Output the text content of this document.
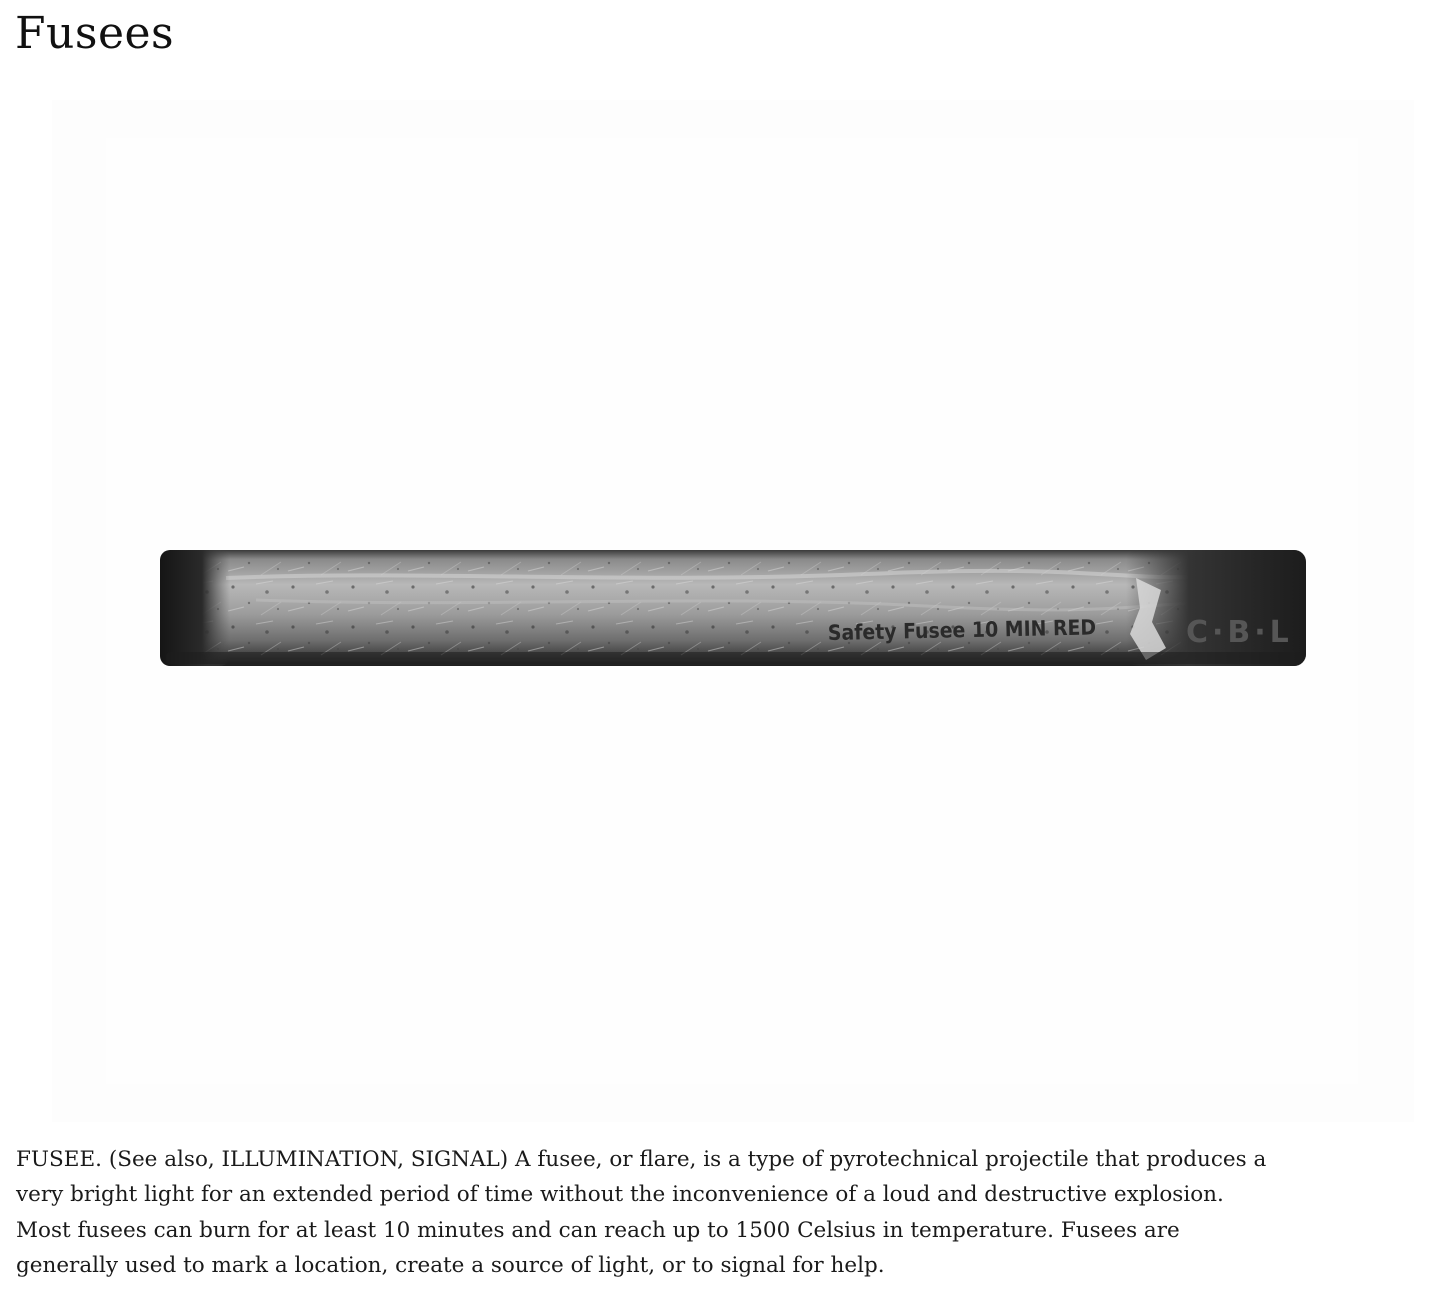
Fusees
Safety Fusee 10 MIN RED	C·B·L

FUSEE. (See also, ILLUMINATION, SIGNAL) A fusee, or flare, is a type of pyrotechnical projectile that produces a
very bright light for an extended period of time without the inconvenience of a loud and destructive explosion.
Most fusees can burn for at least 10 minutes and can reach up to 1500 Celsius in temperature. Fusees are
generally used to mark a location, create a source of light, or to signal for help.
